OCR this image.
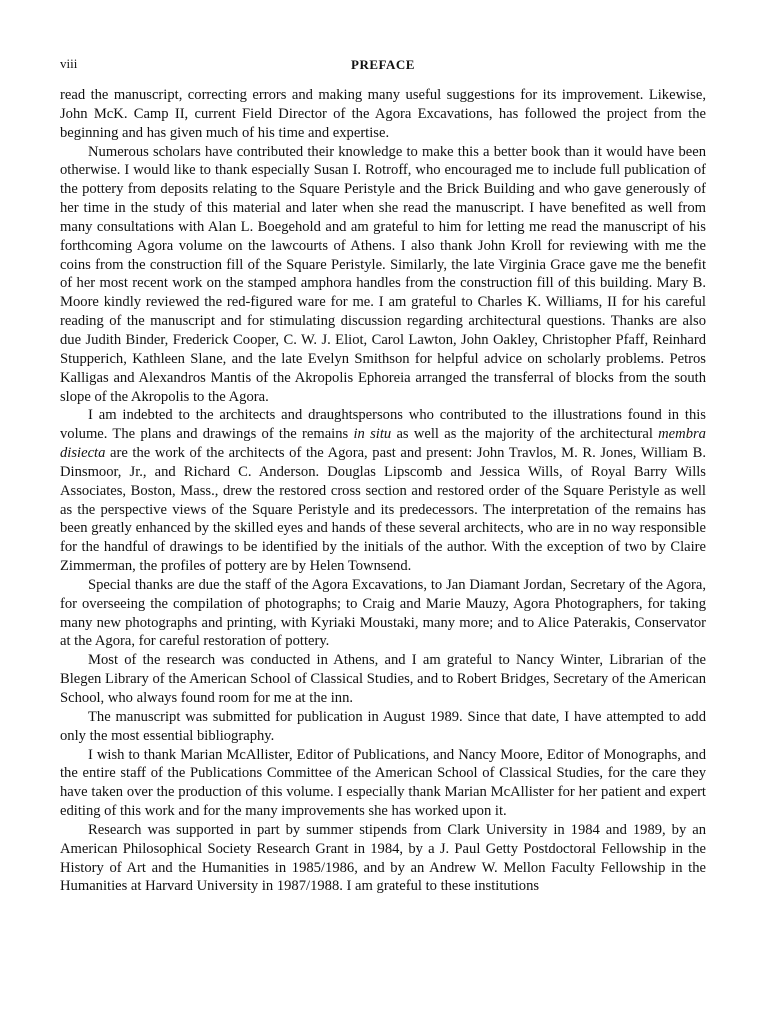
viii	PREFACE

read the manuscript, correcting errors and making many useful suggestions for its improvement. Likewise, John McK. Camp II, current Field Director of the Agora Excavations, has followed the project from the beginning and has given much of his time and expertise.

Numerous scholars have contributed their knowledge to make this a better book than it would have been otherwise. I would like to thank especially Susan I. Rotroff, who encouraged me to include full publication of the pottery from deposits relating to the Square Peristyle and the Brick Building and who gave generously of her time in the study of this material and later when she read the manuscript. I have benefited as well from many consultations with Alan L. Boegehold and am grateful to him for letting me read the manuscript of his forthcoming Agora volume on the lawcourts of Athens. I also thank John Kroll for reviewing with me the coins from the construction fill of the Square Peristyle. Similarly, the late Virginia Grace gave me the benefit of her most recent work on the stamped amphora handles from the construction fill of this building. Mary B. Moore kindly reviewed the red-figured ware for me. I am grateful to Charles K. Williams, II for his careful reading of the manuscript and for stimulating discussion regarding architectural questions. Thanks are also due Judith Binder, Frederick Cooper, C. W. J. Eliot, Carol Lawton, John Oakley, Christopher Pfaff, Reinhard Stupperich, Kathleen Slane, and the late Evelyn Smithson for helpful advice on scholarly problems. Petros Kalligas and Alexandros Mantis of the Akropolis Ephoreia arranged the transferral of blocks from the south slope of the Akropolis to the Agora.

I am indebted to the architects and draughtspersons who contributed to the illustrations found in this volume. The plans and drawings of the remains in situ as well as the majority of the architectural membra disiecta are the work of the architects of the Agora, past and present: John Travlos, M. R. Jones, William B. Dinsmoor, Jr., and Richard C. Anderson. Douglas Lipscomb and Jessica Wills, of Royal Barry Wills Associates, Boston, Mass., drew the restored cross section and restored order of the Square Peristyle as well as the perspective views of the Square Peristyle and its predecessors. The interpretation of the remains has been greatly enhanced by the skilled eyes and hands of these several architects, who are in no way responsible for the handful of drawings to be identified by the initials of the author. With the exception of two by Claire Zimmerman, the profiles of pottery are by Helen Townsend.

Special thanks are due the staff of the Agora Excavations, to Jan Diamant Jordan, Secretary of the Agora, for overseeing the compilation of photographs; to Craig and Marie Mauzy, Agora Photographers, for taking many new photographs and printing, with Kyriaki Moustaki, many more; and to Alice Paterakis, Conservator at the Agora, for careful restoration of pottery.

Most of the research was conducted in Athens, and I am grateful to Nancy Winter, Librarian of the Blegen Library of the American School of Classical Studies, and to Robert Bridges, Secretary of the American School, who always found room for me at the inn.

The manuscript was submitted for publication in August 1989. Since that date, I have attempted to add only the most essential bibliography.

I wish to thank Marian McAllister, Editor of Publications, and Nancy Moore, Editor of Monographs, and the entire staff of the Publications Committee of the American School of Classical Studies, for the care they have taken over the production of this volume. I especially thank Marian McAllister for her patient and expert editing of this work and for the many improvements she has worked upon it.

Research was supported in part by summer stipends from Clark University in 1984 and 1989, by an American Philosophical Society Research Grant in 1984, by a J. Paul Getty Postdoctoral Fellowship in the History of Art and the Humanities in 1985/1986, and by an Andrew W. Mellon Faculty Fellowship in the Humanities at Harvard University in 1987/1988. I am grateful to these institutions
